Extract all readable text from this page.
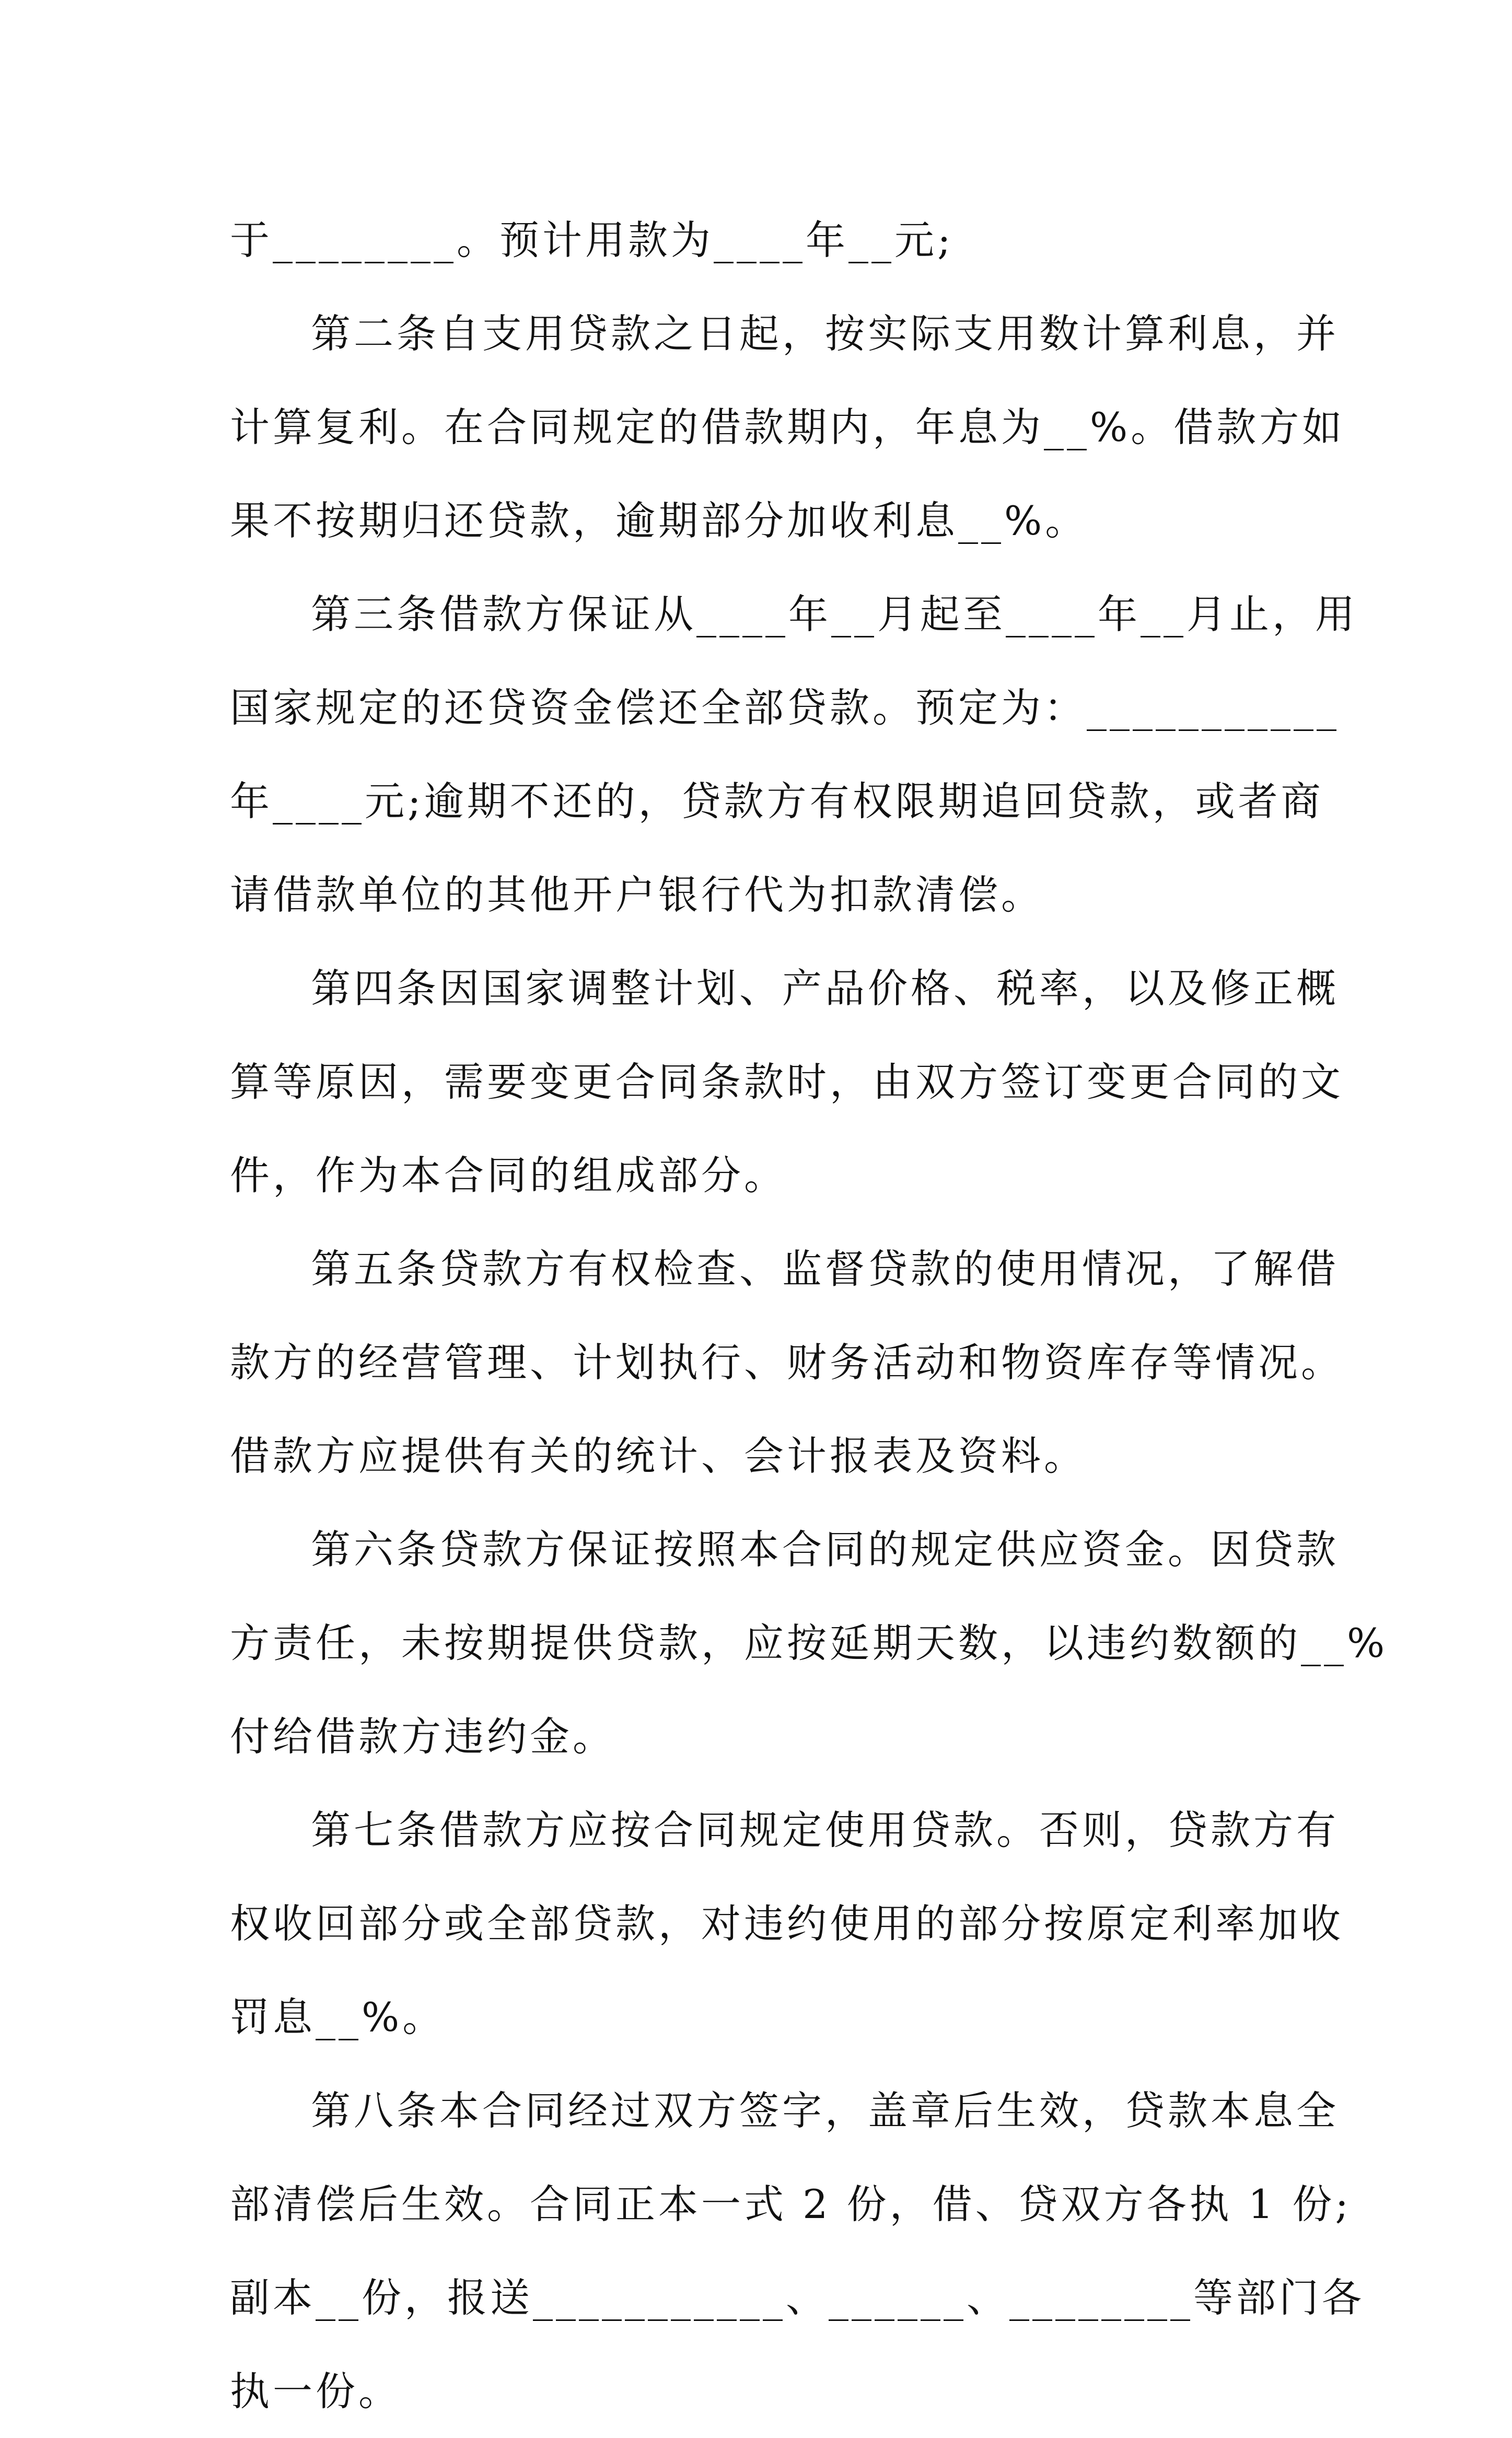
于________。预计用款为____年__元;
第二条自支用贷款之日起，按实际支用数计算利息，并
计算复利。在合同规定的借款期内，年息为__%。借款方如
果不按期归还贷款，逾期部分加收利息__%。
第三条借款方保证从____年__月起至____年__月止，用
国家规定的还贷资金偿还全部贷款。预定为：___________
年____元;逾期不还的，贷款方有权限期追回贷款，或者商
请借款单位的其他开户银行代为扣款清偿。
第四条因国家调整计划、产品价格、税率，以及修正概
算等原因，需要变更合同条款时，由双方签订变更合同的文
件，作为本合同的组成部分。
第五条贷款方有权检查、监督贷款的使用情况，了解借
款方的经营管理、计划执行、财务活动和物资库存等情况。
借款方应提供有关的统计、会计报表及资料。
第六条贷款方保证按照本合同的规定供应资金。因贷款
方责任，未按期提供贷款，应按延期天数，以违约数额的__%
付给借款方违约金。
第七条借款方应按合同规定使用贷款。否则，贷款方有
权收回部分或全部贷款，对违约使用的部分按原定利率加收
罚息__%。
第八条本合同经过双方签字，盖章后生效，贷款本息全
部清偿后生效。合同正本一式 2 份，借、贷双方各执 1 份;
副本__份，报送___________、______、________等部门各
执一份。
